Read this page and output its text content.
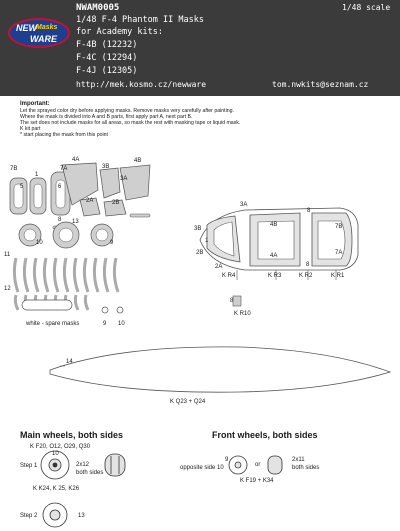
NEW Masks
WARE
NWAM0005	1/48 scale
1/48 F-4 Phantom II Masks
for Academy kits:
F-4B (12232)
F-4C (12294)
F-4J (12305)
http://mek.kosmo.cz/newware	tom.nwkits@seznam.cz
Important:
Let the sprayed color dry before applying masks. Remove masks very carefully after painting.
Where the mask is divided into A and B parts, first apply part A, next part B.
The set does not include masks for all areas, so mask the rest with masking tape or liquid mask.
K kit part
* start placing the mask from this point
7B
1
4A
7A	3B
4B
3A
5	6
2A	2B
8
10
13
9
11
12
9 10
white - spare masks
3A
3B
1
2B
2A
4B
4A
8
7B
7A
8
K R4	K R3	K R2	K R1
8
K R10
14
K Q23 + Q24
Main wheels, both sides
K F20, O12, O29, Q30
Step 1
10
2x12
both sides
K K24, K 25, K26
Step 2	13
Front wheels, both sides
9
opposite side 10	or
2x11
both sides
K F19 + K34
